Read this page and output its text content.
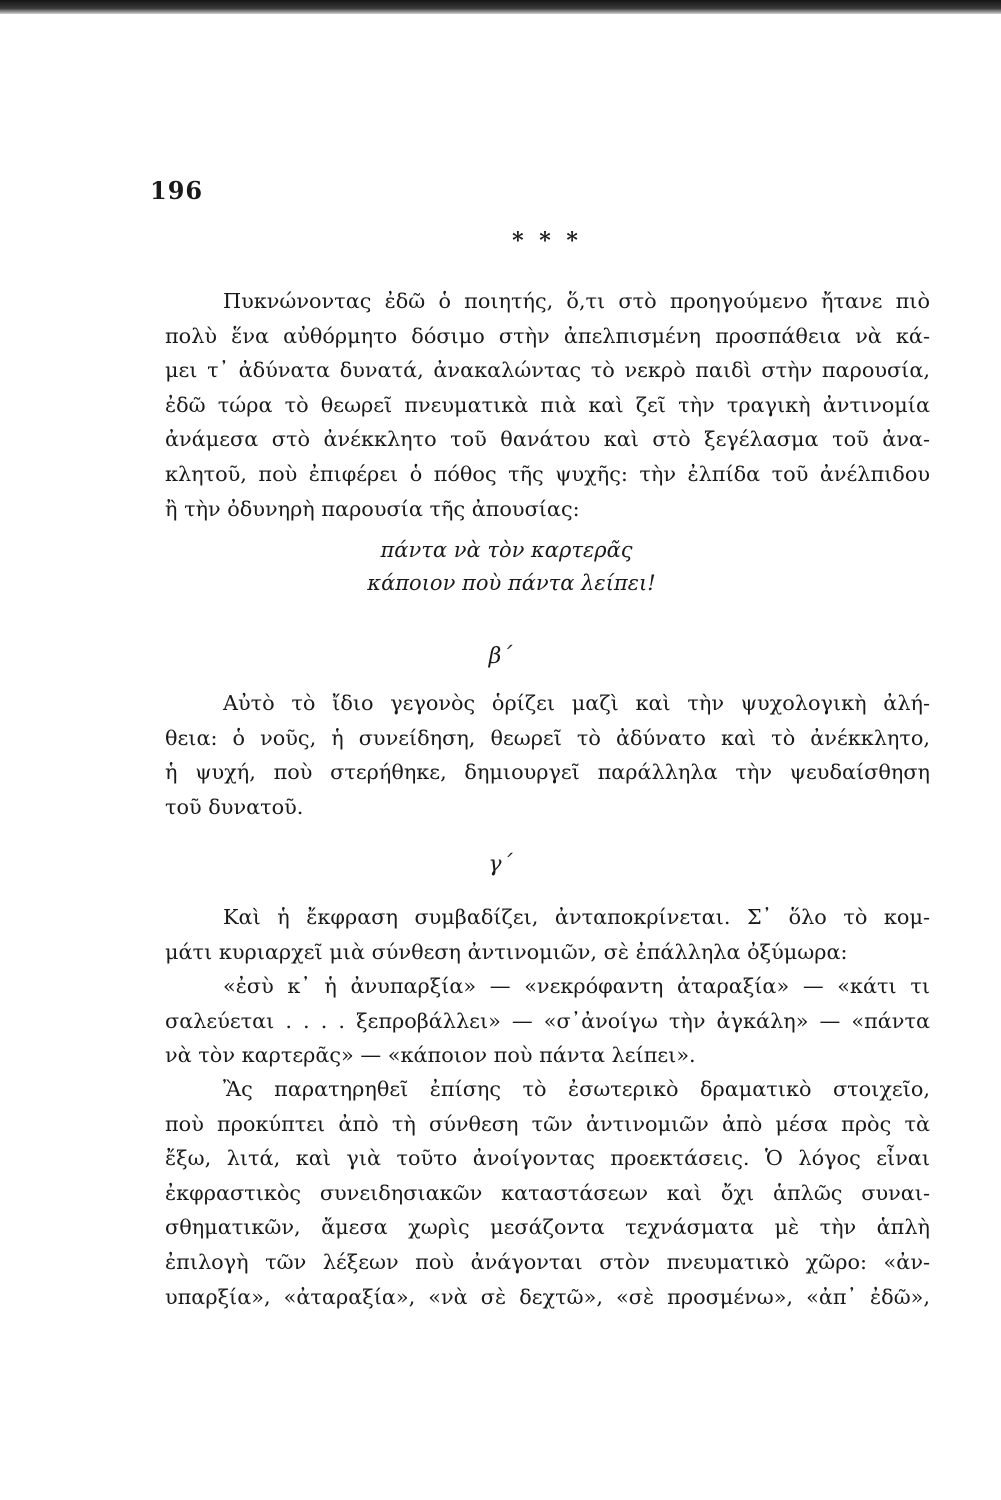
196
* * *

Πυκνώνοντας ἐδῶ ὁ ποιητής, ὅ,τι στὸ προηγούμενο ἤτανε πιὸ
πολὺ ἕνα αὐθόρμητο δόσιμο στὴν ἀπελπισμένη προσπάθεια νὰ κά-
μει τ᾽ ἀδύνατα δυνατά, ἀνακαλώντας τὸ νεκρὸ παιδὶ στὴν παρουσία,
ἐδῶ τώρα τὸ θεωρεῖ πνευματικὰ πιὰ καὶ ζεῖ τὴν τραγικὴ ἀντινομία
ἀνάμεσα στὸ ἀνέκκλητο τοῦ θανάτου καὶ στὸ ξεγέλασμα τοῦ ἀνα-
κλητοῦ, ποὺ ἐπιφέρει ὁ πόθος τῆς ψυχῆς: τὴν ἐλπίδα τοῦ ἀνέλπιδου
ἢ τὴν ὀδυνηρὴ παρουσία τῆς ἀπουσίας:

πάντα νὰ τὸν καρτερᾶς
κάποιον ποὺ πάντα λείπει!
β΄

Αὐτὸ τὸ ἴδιο γεγονὸς ὁρίζει μαζὶ καὶ τὴν ψυχολογικὴ ἀλή-
θεια: ὁ νοῦς, ἡ συνείδηση, θεωρεῖ τὸ ἀδύνατο καὶ τὸ ἀνέκκλητο,
ἡ ψυχή, ποὺ στερήθηκε, δημιουργεῖ παράλληλα τὴν ψευδαίσθηση
τοῦ δυνατοῦ.

γ΄

Καὶ ἡ ἔκφραση συμβαδίζει, ἀνταποκρίνεται. Σ᾽ ὅλο τὸ κομ-
μάτι κυριαρχεῖ μιὰ σύνθεση ἀντινομιῶν, σὲ ἐπάλληλα ὀξύμωρα:

«ἐσὺ κ᾽ ἡ ἀνυπαρξία» — «νεκρόφαντη ἀταραξία» — «κάτι τι
σαλεύεται . . . . ξεπροβάλλει» — «σ᾽ἀνοίγω τὴν ἀγκάλη» — «πάντα
νὰ τὸν καρτερᾶς» — «κάποιον ποὺ πάντα λείπει».

Ἂς παρατηρηθεῖ ἐπίσης τὸ ἐσωτερικὸ δραματικὸ στοιχεῖο,
ποὺ προκύπτει ἀπὸ τὴ σύνθεση τῶν ἀντινομιῶν ἀπὸ μέσα πρὸς τὰ
ἔξω, λιτά, καὶ γιὰ τοῦτο ἀνοίγοντας προεκτάσεις. Ὁ λόγος εἶναι
ἐκφραστικὸς συνειδησιακῶν καταστάσεων καὶ ὄχι ἁπλῶς συναι-
σθηματικῶν, ἄμεσα χωρὶς μεσάζοντα τεχνάσματα μὲ τὴν ἁπλὴ
ἐπιλογὴ τῶν λέξεων ποὺ ἀνάγονται στὸν πνευματικὸ χῶρο: «ἀν-
υπαρξία», «ἀταραξία», «νὰ σὲ δεχτῶ», «σὲ προσμένω», «ἀπ᾽ ἐδῶ»,
